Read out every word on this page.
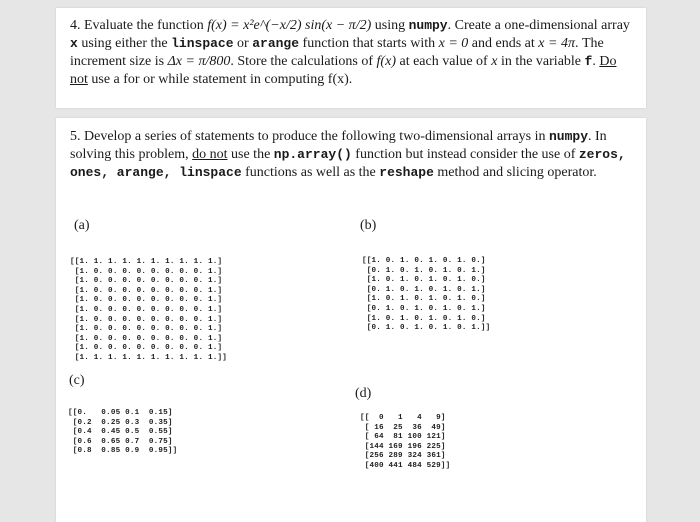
4. Evaluate the function f(x) = x²e^(−x/2) sin(x − π/2) using numpy. Create a one-dimensional array x using either the linspace or arange function that starts with x = 0 and ends at x = 4π. The increment size is Δx = π/800. Store the calculations of f(x) at each value of x in the variable f. Do not use a for or while statement in computing f(x).

5. Develop a series of statements to produce the following two-dimensional arrays in numpy. In solving this problem, do not use the np.array() function but instead consider the use of zeros, ones, arange, linspace functions as well as the reshape method and slicing operator.

(a)	(b)
(c)
(d)
[[1. 1. 1. 1. 1. 1. 1. 1. 1. 1.]
[1. 0. 0. 0. 0. 0. 0. 0. 0. 1.]
[1. 0. 0. 0. 0. 0. 0. 0. 0. 1.]
[1. 0. 0. 0. 0. 0. 0. 0. 0. 1.]
[1. 0. 0. 0. 0. 0. 0. 0. 0. 1.]
[1. 0. 0. 0. 0. 0. 0. 0. 0. 1.]
[1. 0. 0. 0. 0. 0. 0. 0. 0. 1.]
[1. 0. 0. 0. 0. 0. 0. 0. 0. 1.]
[1. 0. 0. 0. 0. 0. 0. 0. 0. 1.]
[1. 0. 0. 0. 0. 0. 0. 0. 0. 1.]
[1. 1. 1. 1. 1. 1. 1. 1. 1. 1.]]
[[1. 0. 1. 0. 1. 0. 1. 0.]
[0. 1. 0. 1. 0. 1. 0. 1.]
[1. 0. 1. 0. 1. 0. 1. 0.]
[0. 1. 0. 1. 0. 1. 0. 1.]
[1. 0. 1. 0. 1. 0. 1. 0.]
[0. 1. 0. 1. 0. 1. 0. 1.]
[1. 0. 1. 0. 1. 0. 1. 0.]
[0. 1. 0. 1. 0. 1. 0. 1.]]
[[0.   0.05 0.1  0.15]
[0.2  0.25 0.3  0.35]
[0.4  0.45 0.5  0.55]
[0.6  0.65 0.7  0.75]
[0.8  0.85 0.9  0.95]]
[[  0   1   4   9]
[ 16  25  36  49]
[ 64  81 100 121]
[144 169 196 225]
[256 289 324 361]
[400 441 484 529]]
